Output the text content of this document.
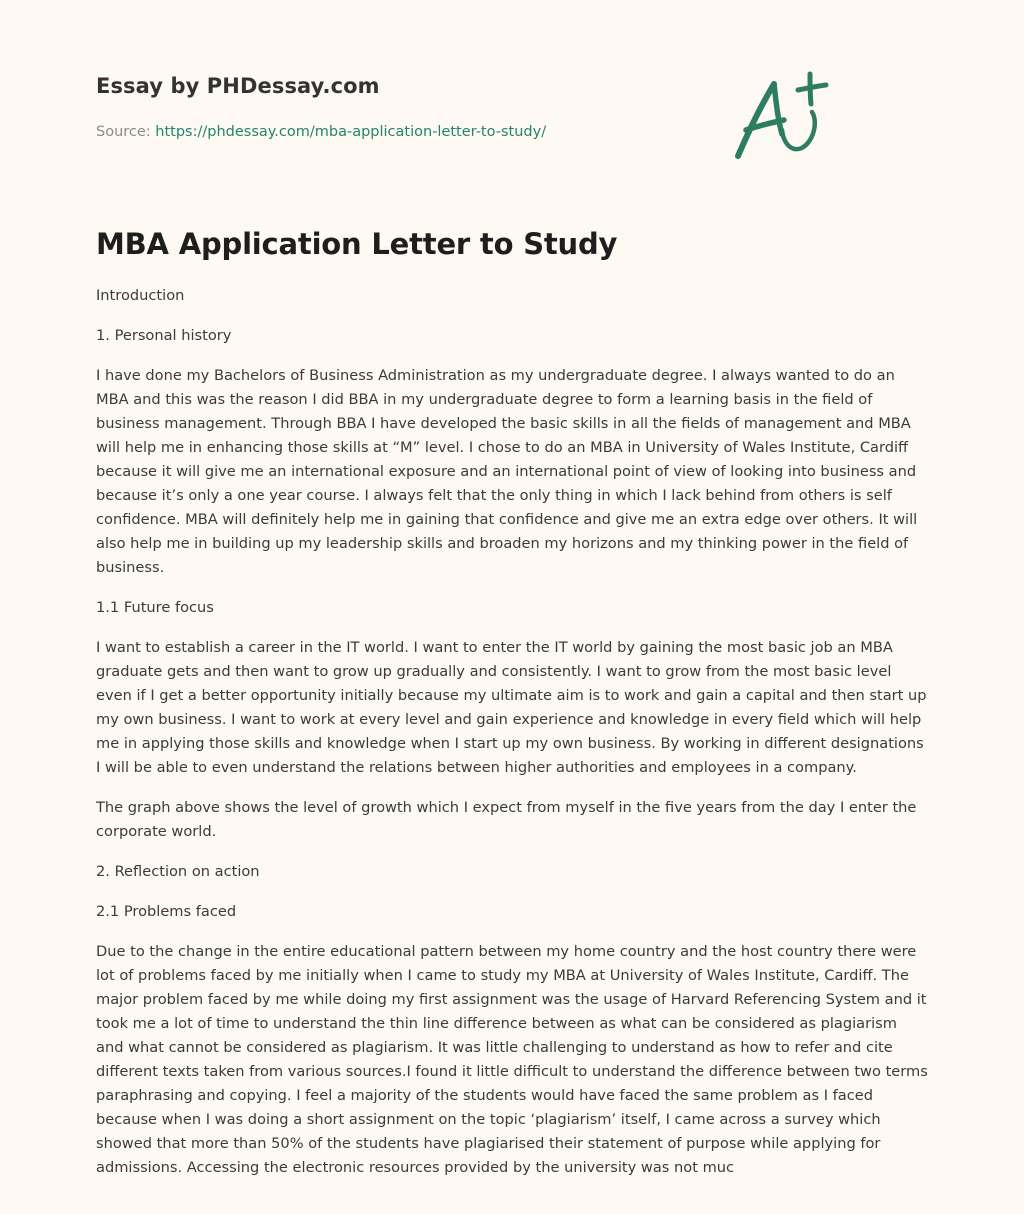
Essay by PHDessay.com
Source: https://phdessay.com/mba-application-letter-to-study/
MBA Application Letter to Study

Introduction

1. Personal history

I have done my Bachelors of Business Administration as my undergraduate degree. I always wanted to do an MBA and this was the reason I did BBA in my undergraduate degree to form a learning basis in the field of business management. Through BBA I have developed the basic skills in all the fields of management and MBA will help me in enhancing those skills at “M” level. I chose to do an MBA in University of Wales Institute, Cardiff because it will give me an international exposure and an international point of view of looking into business and because it’s only a one year course. I always felt that the only thing in which I lack behind from others is self confidence. MBA will definitely help me in gaining that confidence and give me an extra edge over others. It will also help me in building up my leadership skills and broaden my horizons and my thinking power in the field of business.

1.1 Future focus

I want to establish a career in the IT world. I want to enter the IT world by gaining the most basic job an MBA graduate gets and then want to grow up gradually and consistently. I want to grow from the most basic level even if I get a better opportunity initially because my ultimate aim is to work and gain a capital and then start up my own business. I want to work at every level and gain experience and knowledge in every field which will help me in applying those skills and knowledge when I start up my own business. By working in different designations I will be able to even understand the relations between higher authorities and employees in a company.

The graph above shows the level of growth which I expect from myself in the five years from the day I enter the corporate world.

2. Reflection on action

2.1 Problems faced

Due to the change in the entire educational pattern between my home country and the host country there were lot of problems faced by me initially when I came to study my MBA at University of Wales Institute, Cardiff. The major problem faced by me while doing my first assignment was the usage of Harvard Referencing System and it took me a lot of time to understand the thin line difference between as what can be considered as plagiarism and what cannot be considered as plagiarism. It was little challenging to understand as how to refer and cite different texts taken from various sources.I found it little difficult to understand the difference between two terms paraphrasing and copying. I feel a majority of the students would have faced the same problem as I faced because when I was doing a short assignment on the topic ‘plagiarism’ itself, I came across a survey which showed that more than 50% of the students have plagiarised their statement of purpose while applying for admissions. Accessing the electronic resources provided by the university was not muc
